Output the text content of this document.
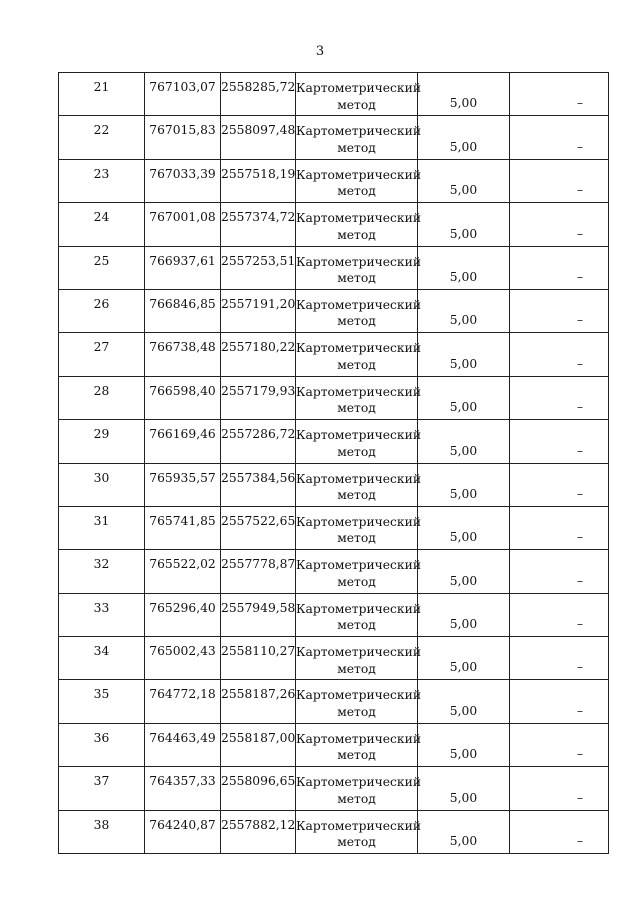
3
21	767103,07	2558285,72	Картометрический
метод	5,00	–
22	767015,83	2558097,48	Картометрический
метод	5,00	–
23	767033,39	2557518,19	Картометрический
метод	5,00	–
24	767001,08	2557374,72	Картометрический
метод	5,00	–
25	766937,61	2557253,51	Картометрический
метод	5,00	–
26	766846,85	2557191,20	Картометрический
метод	5,00	–
27	766738,48	2557180,22	Картометрический
метод	5,00	–
28	766598,40	2557179,93	Картометрический
метод	5,00	–
29	766169,46	2557286,72	Картометрический
метод	5,00	–
30	765935,57	2557384,56	Картометрический
метод	5,00	–
31	765741,85	2557522,65	Картометрический
метод	5,00	–
32	765522,02	2557778,87	Картометрический
метод	5,00	–
33	765296,40	2557949,58	Картометрический
метод	5,00	–
34	765002,43	2558110,27	Картометрический
метод	5,00	–
35	764772,18	2558187,26	Картометрический
метод	5,00	–
36	764463,49	2558187,00	Картометрический
метод	5,00	–
37	764357,33	2558096,65	Картометрический
метод	5,00	–
38	764240,87	2557882,12	Картометрический
метод	5,00	–
